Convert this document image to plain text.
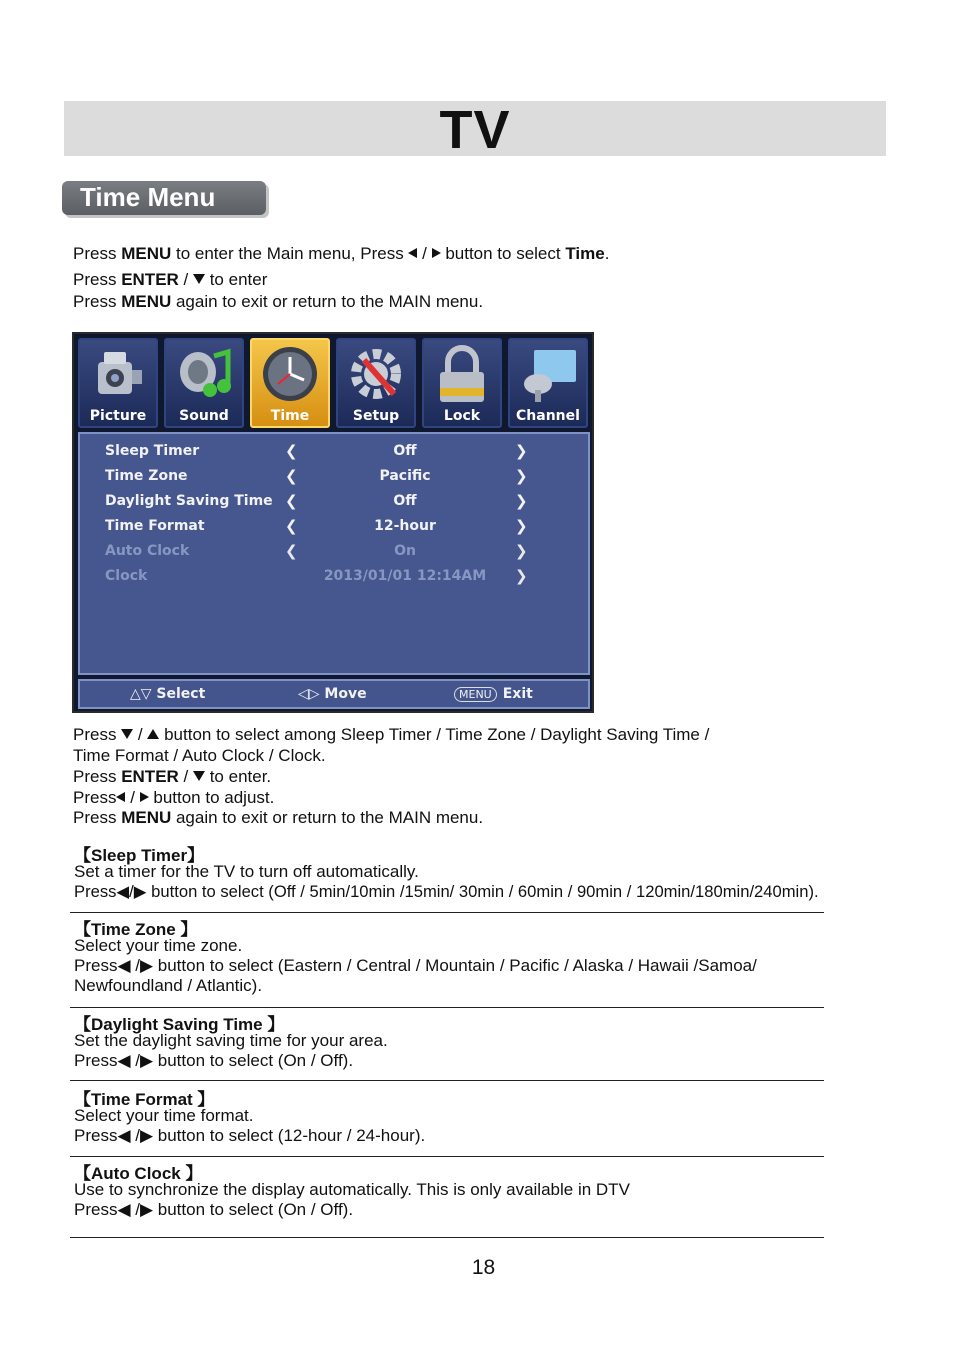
TV
Time Menu
Press MENU to enter the Main menu, Press  /  button to select Time.
Press ENTER /  to enter
Press MENU again to exit or return to the MAIN menu.
Picture	Sound	Time	Setup	Lock	Channel
Sleep Timer	❮	Off	❯
Time Zone	❮	Pacific	❯
Daylight Saving Time ❮	Off	❯
Time Format	❮	12-hour	❯
Auto Clock	❮	On	❯
Clock	2013/01/01 12:14AM	❯
△▽ Select	◁▷ Move	MENU Exit
Press  /  button to select among Sleep Timer / Time Zone / Daylight Saving Time /
Time Format / Auto Clock / Clock.
Press ENTER /  to enter.
Press /  button to adjust.
Press MENU again to exit or return to the MAIN menu.
【Sleep Timer】
Set a timer for the TV to turn off automatically.
Press◀/▶ button to select (Off / 5min/10min /15min/ 30min / 60min / 90min / 120min/180min/240min).
【Time Zone 】
Select your time zone.
Press◀ /▶ button to select (Eastern / Central / Mountain / Pacific / Alaska / Hawaii /Samoa/
Newfoundland / Atlantic).
【Daylight Saving Time 】
Set the daylight saving time for your area.
Press◀ /▶ button to select (On / Off).
【Time Format 】
Select your time format.
Press◀ /▶ button to select (12-hour / 24-hour).
【Auto Clock 】
Use to synchronize the display automatically. This is only available in DTV
Press◀ /▶ button to select (On / Off).
18
